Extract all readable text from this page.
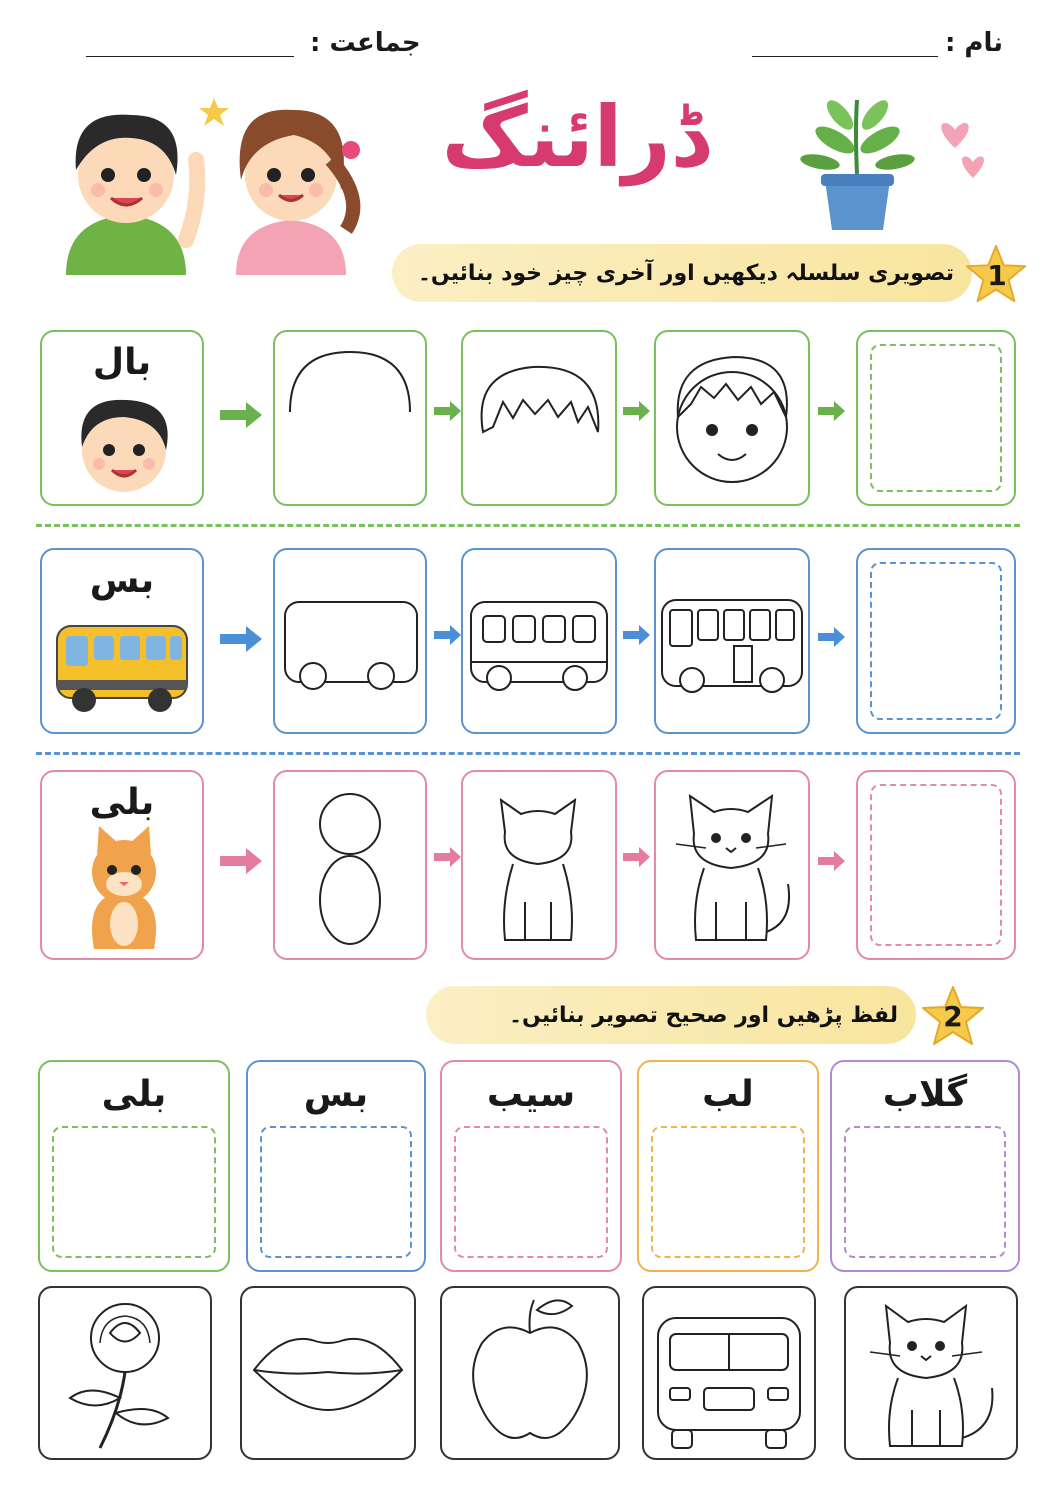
نام :
جماعت :
ڈرائنگ
تصویری سلسلہ دیکھیں اور آخری چیز خود بنائیں۔	1
بال
بس
بلی
لفظ پڑھیں اور صحیح تصویر بنائیں۔	2
بلی	بس	سیب	لب	گلاب
